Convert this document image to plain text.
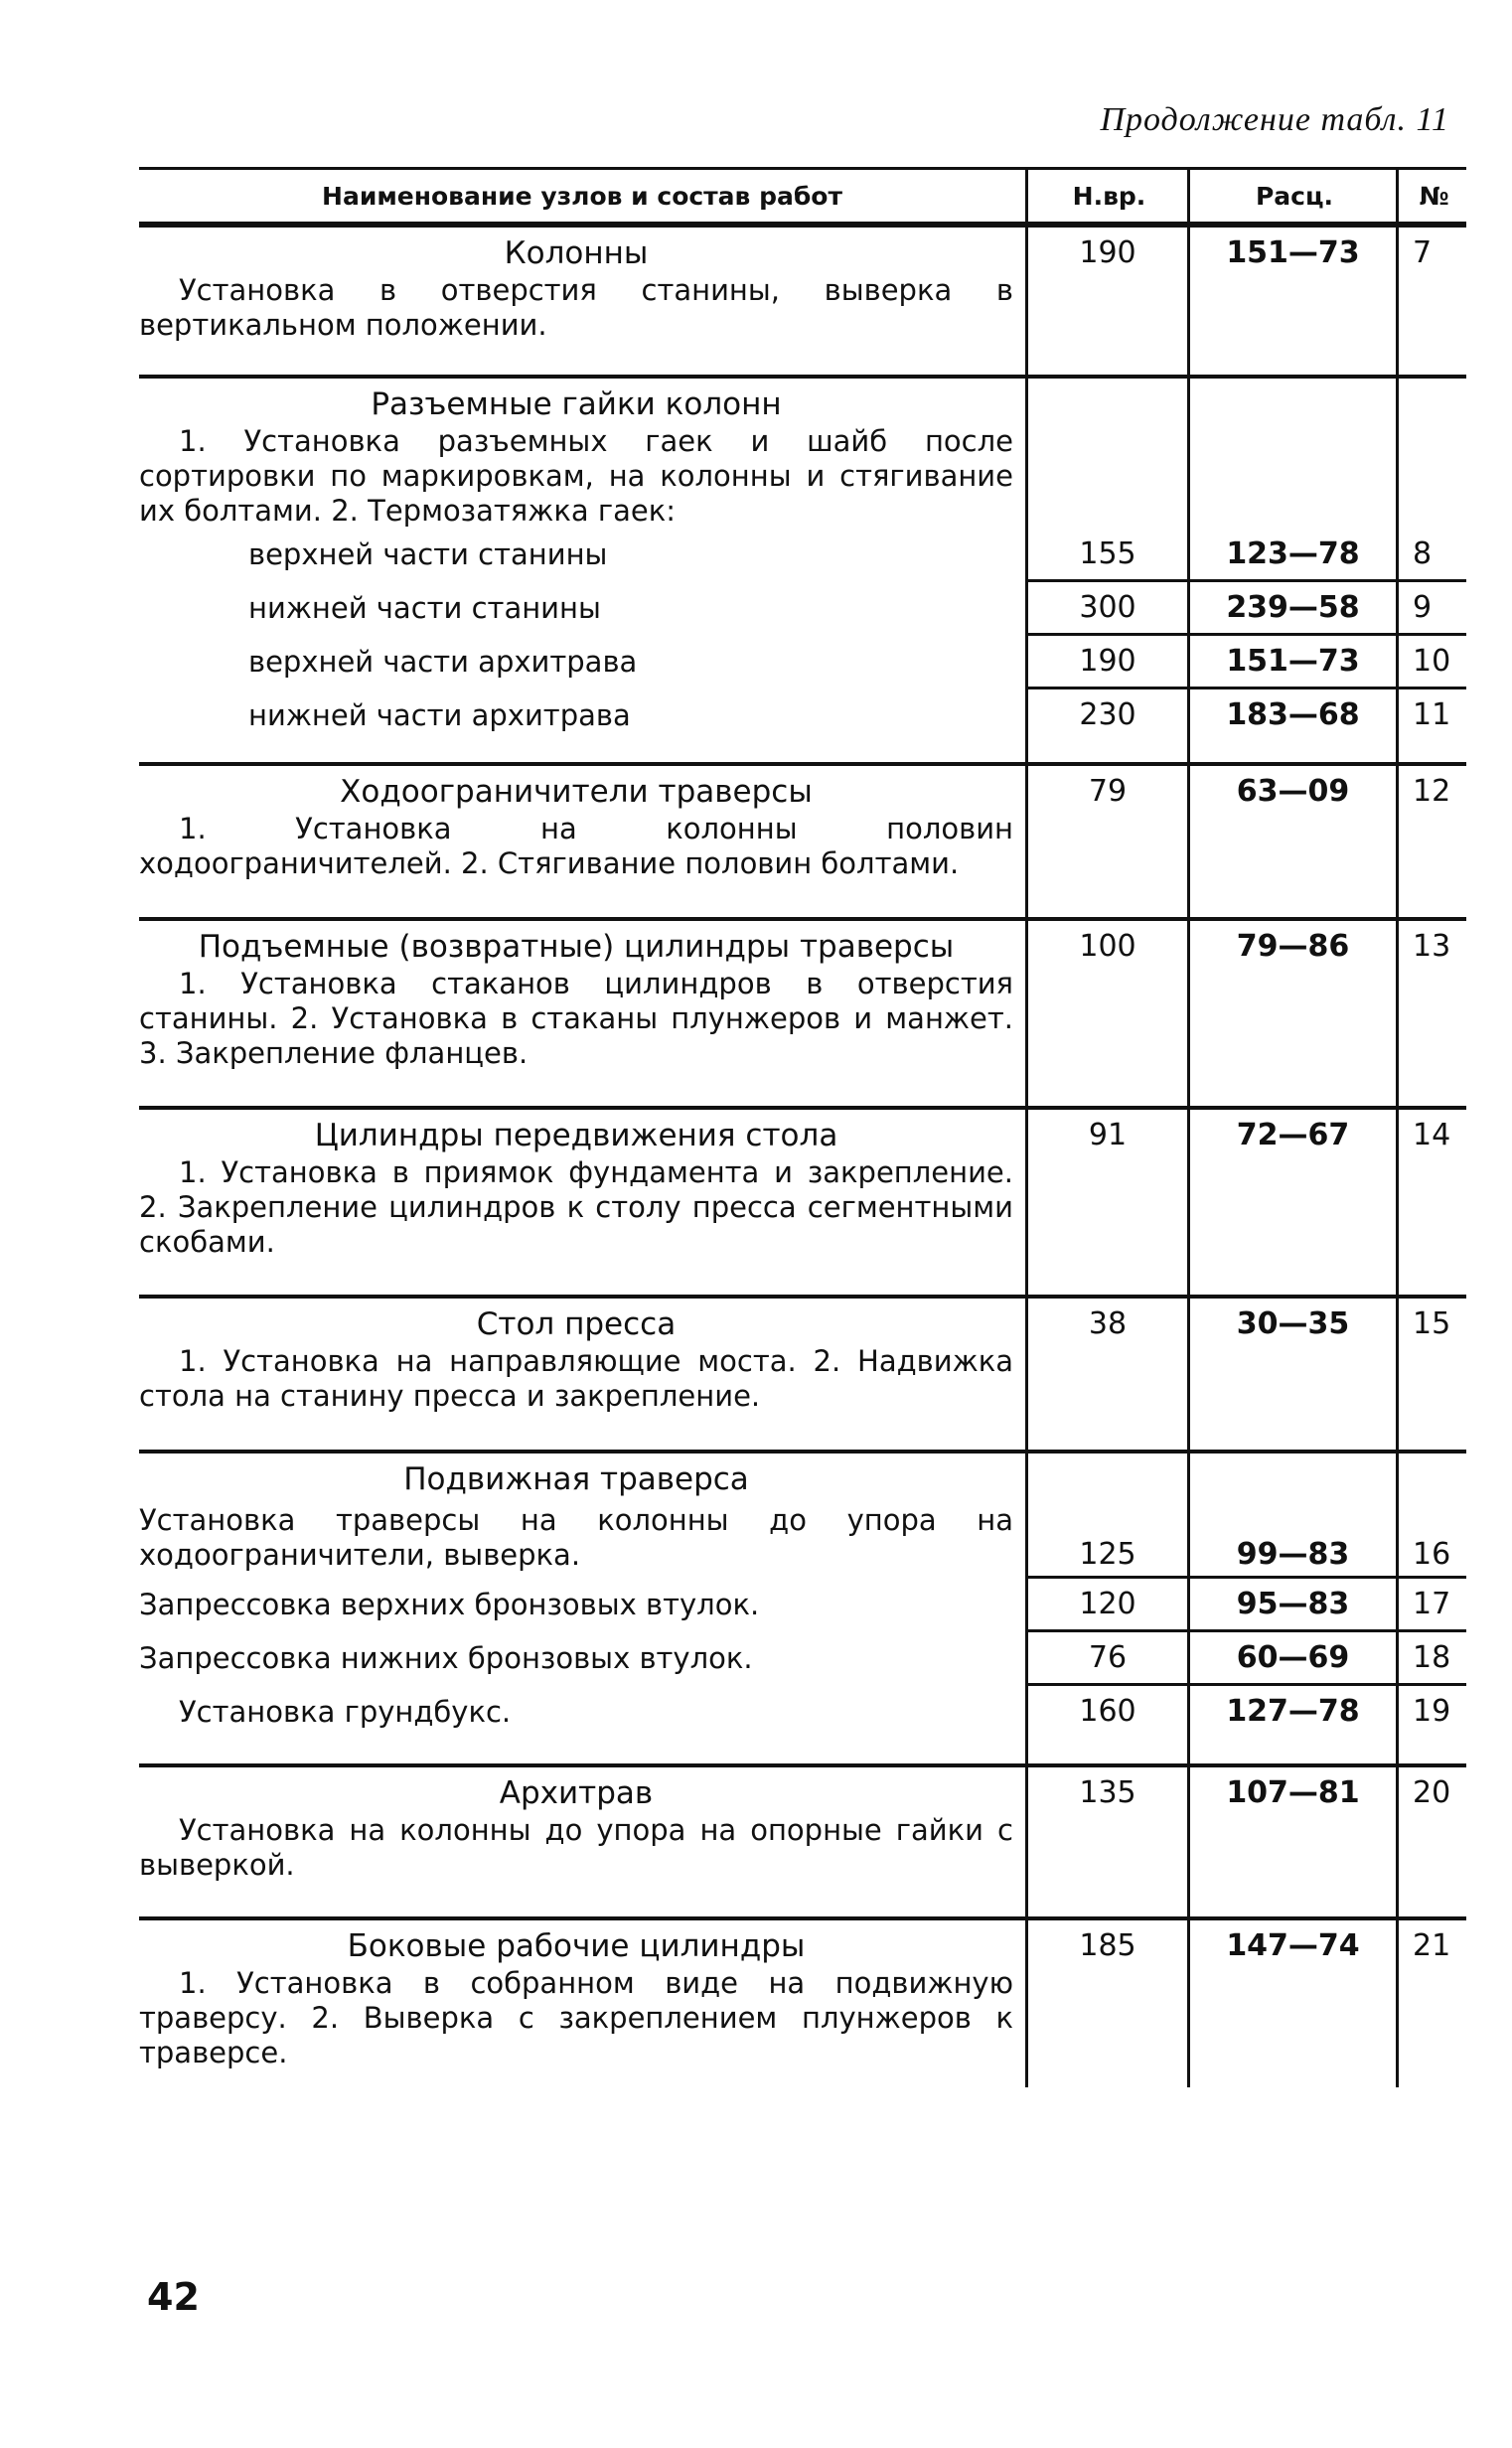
Продолжение табл. 11
Наименование узлов и состав работ	Н.вр.	Расц.	№
Колонны
Установка в отверстия станины, выверка в вертикальном положении.
190	151—73	7
Разъемные гайки колонн
1. Установка разъемных гаек и шайб после сортировки по маркировкам, на колонны и стягивание их болтами. 2. Термозатяжка гаек:
верхней части станины	155	123—78	8
нижней части станины	300	239—58	9
верхней части архитрава	190	151—73	10
нижней части архитрава	230	183—68	11
Ходоограничители траверсы
1. Установка на колонны половин ходоограничителей. 2. Стягивание половин болтами.
79	63—09	12
Подъемные (возвратные) цилиндры траверсы
1. Установка стаканов цилиндров в отверстия станины. 2. Установка в стаканы плунжеров и манжет. 3. Закрепление фланцев.
100	79—86	13
Цилиндры передвижения стола
1. Установка в приямок фундамента и закрепление. 2. Закрепление цилиндров к столу пресса сегментными скобами.
91	72—67	14
Стол пресса
1. Установка на направляющие моста. 2. Надвижка стола на станину пресса и закрепление.
38	30—35	15
Подвижная траверса
Установка траверсы на колонны до упора на ходоограничители, выверка.	125	99—83	16
Запрессовка верхних бронзовых втулок.	120	95—83	17
Запрессовка нижних бронзовых втулок.	76	60—69	18
Установка грундбукс.	160	127—78	19
Архитрав
Установка на колонны до упора на опорные гайки с выверкой.
135	107—81	20
Боковые рабочие цилиндры
1. Установка в собранном виде на подвижную траверсу. 2. Выверка с закреплением плунжеров к траверсе.
185	147—74	21
42
